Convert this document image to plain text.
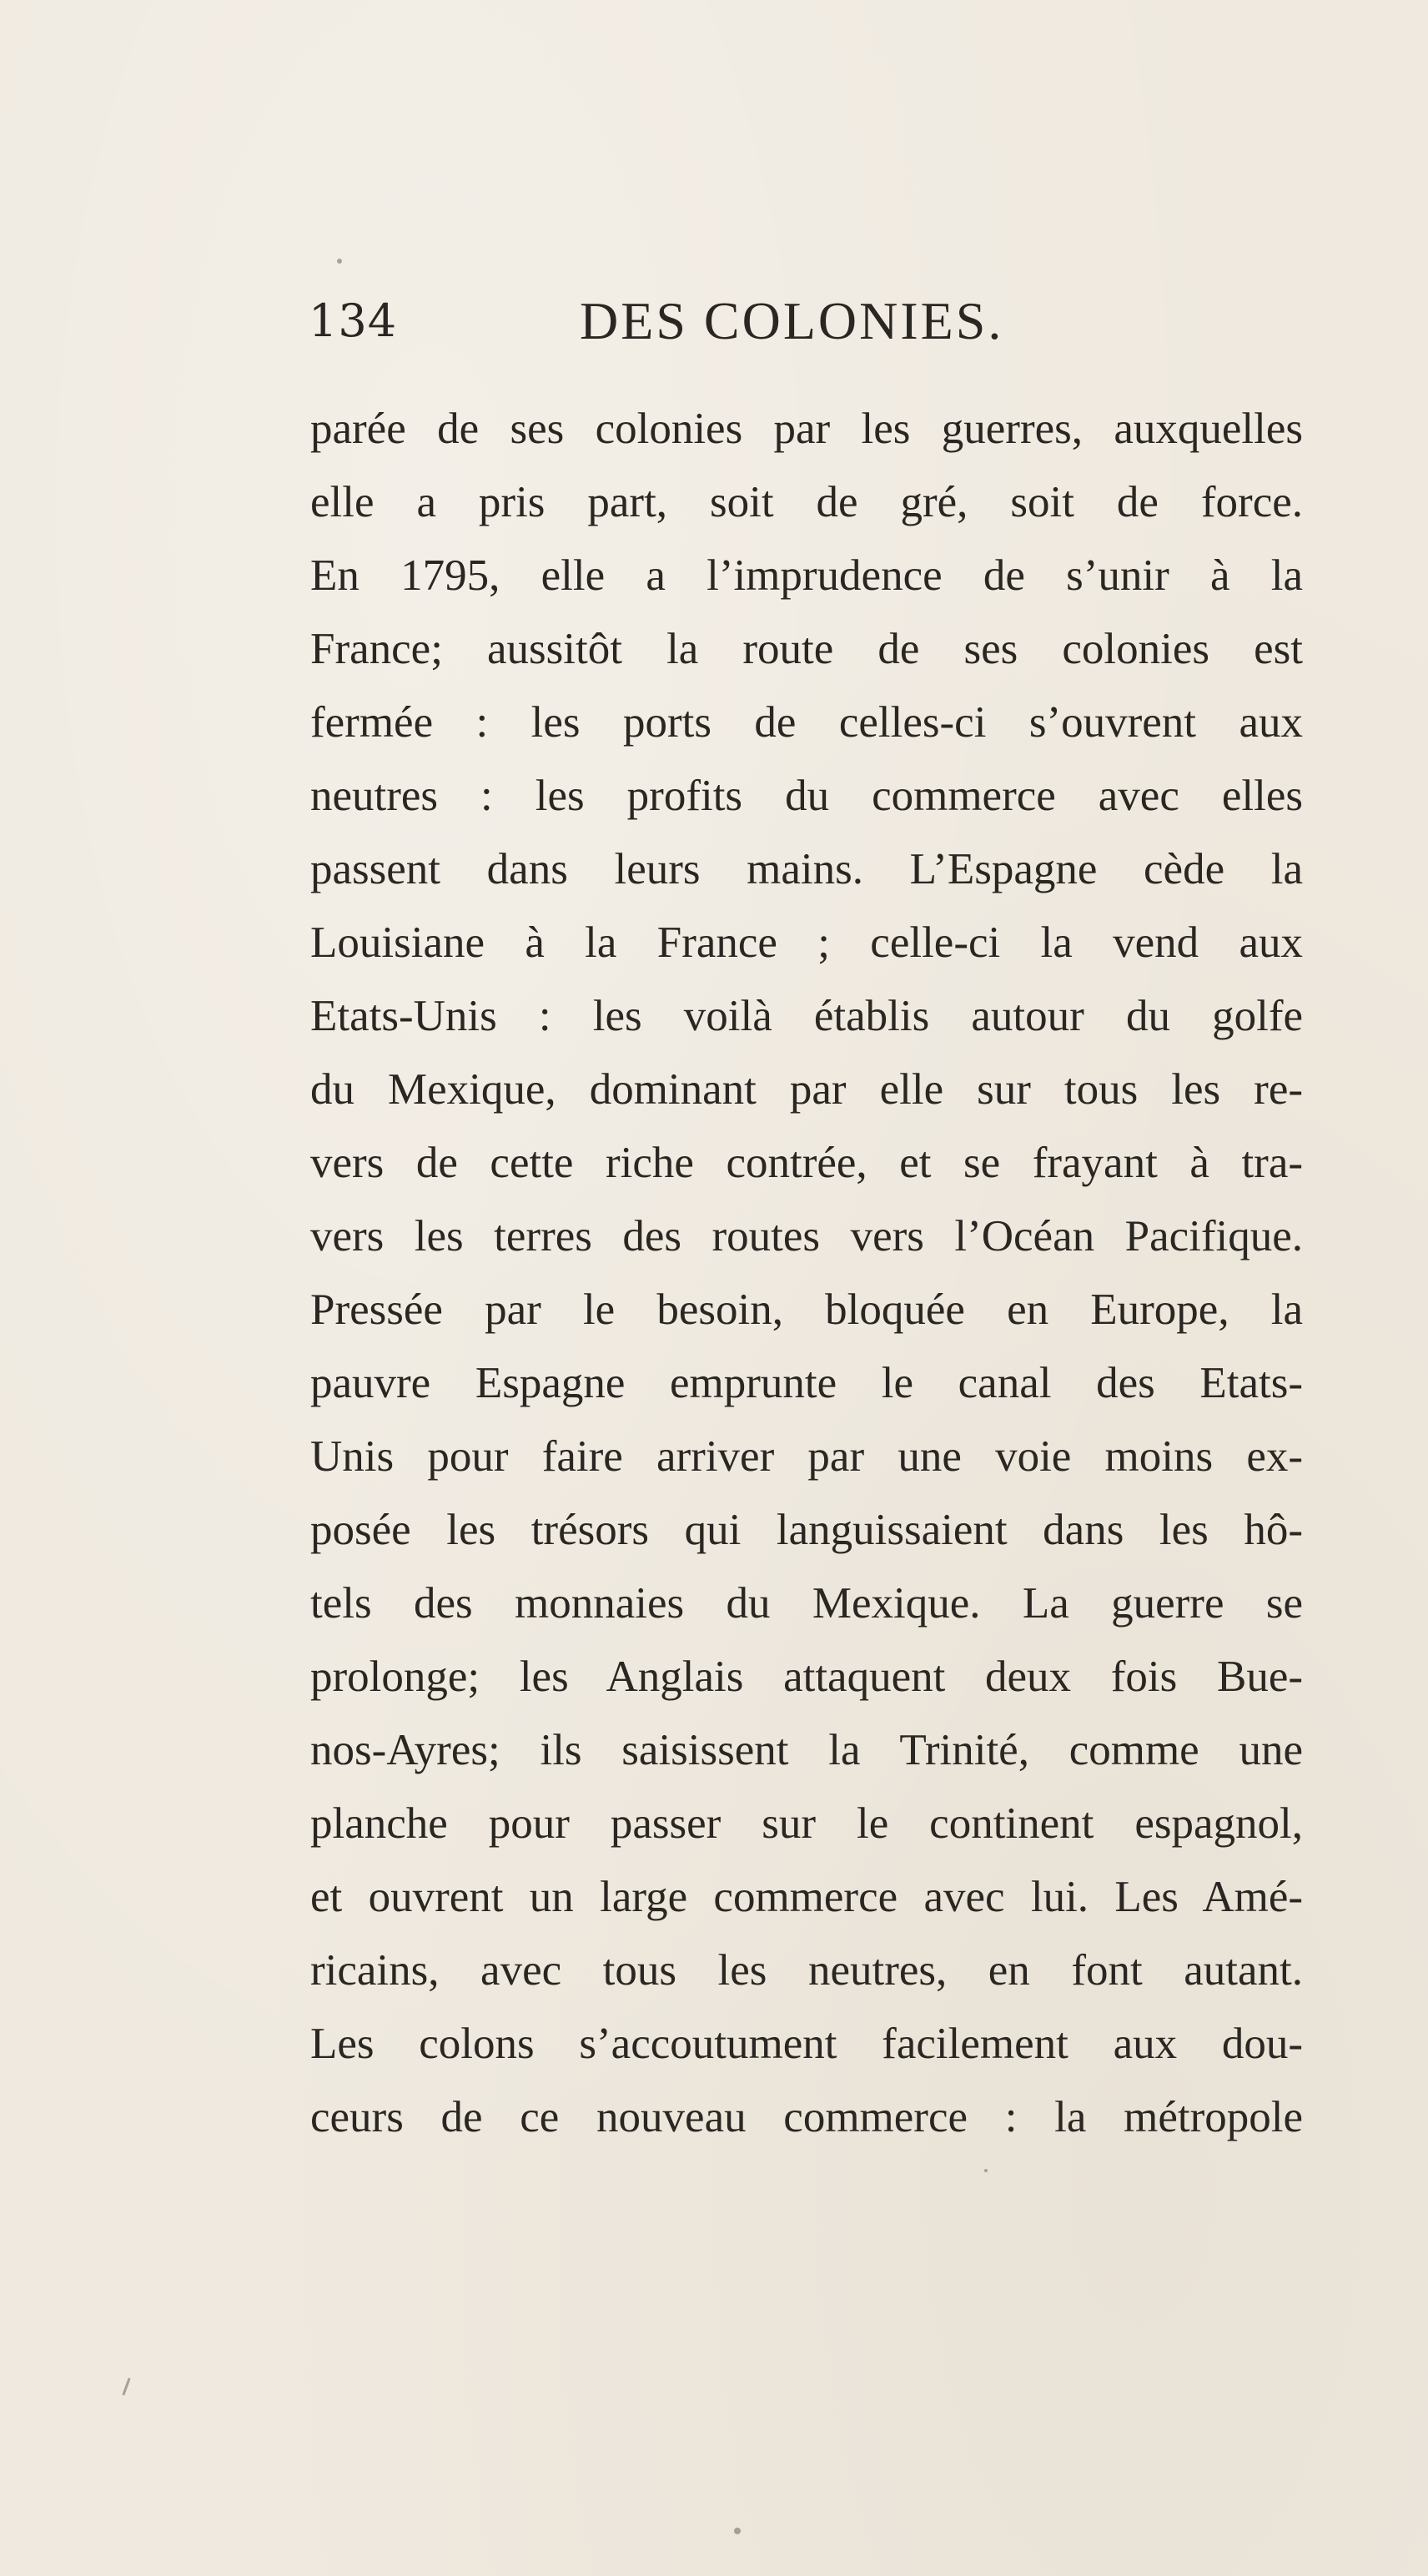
134	DES COLONIES.
parée de ses colonies par les guerres, auxquelles
elle a pris part, soit de gré, soit de force.
En 1795, elle a l’imprudence de s’unir à la
France; aussitôt la route de ses colonies est
fermée : les ports de celles-ci s’ouvrent aux
neutres : les profits du commerce avec elles
passent dans leurs mains. L’Espagne cède la
Louisiane à la France ; celle-ci la vend aux
Etats-Unis : les voilà établis autour du golfe
du Mexique, dominant par elle sur tous les re-
vers de cette riche contrée, et se frayant à tra-
vers les terres des routes vers l’Océan Pacifique.
Pressée par le besoin, bloquée en Europe, la
pauvre Espagne emprunte le canal des Etats-
Unis pour faire arriver par une voie moins ex-
posée les trésors qui languissaient dans les hô-
tels des monnaies du Mexique. La guerre se
prolonge; les Anglais attaquent deux fois Bue-
nos-Ayres; ils saisissent la Trinité, comme une
planche pour passer sur le continent espagnol,
et ouvrent un large commerce avec lui. Les Amé-
ricains, avec tous les neutres, en font autant.
Les colons s’accoutument facilement aux dou-
ceurs de ce nouveau commerce : la métropole
